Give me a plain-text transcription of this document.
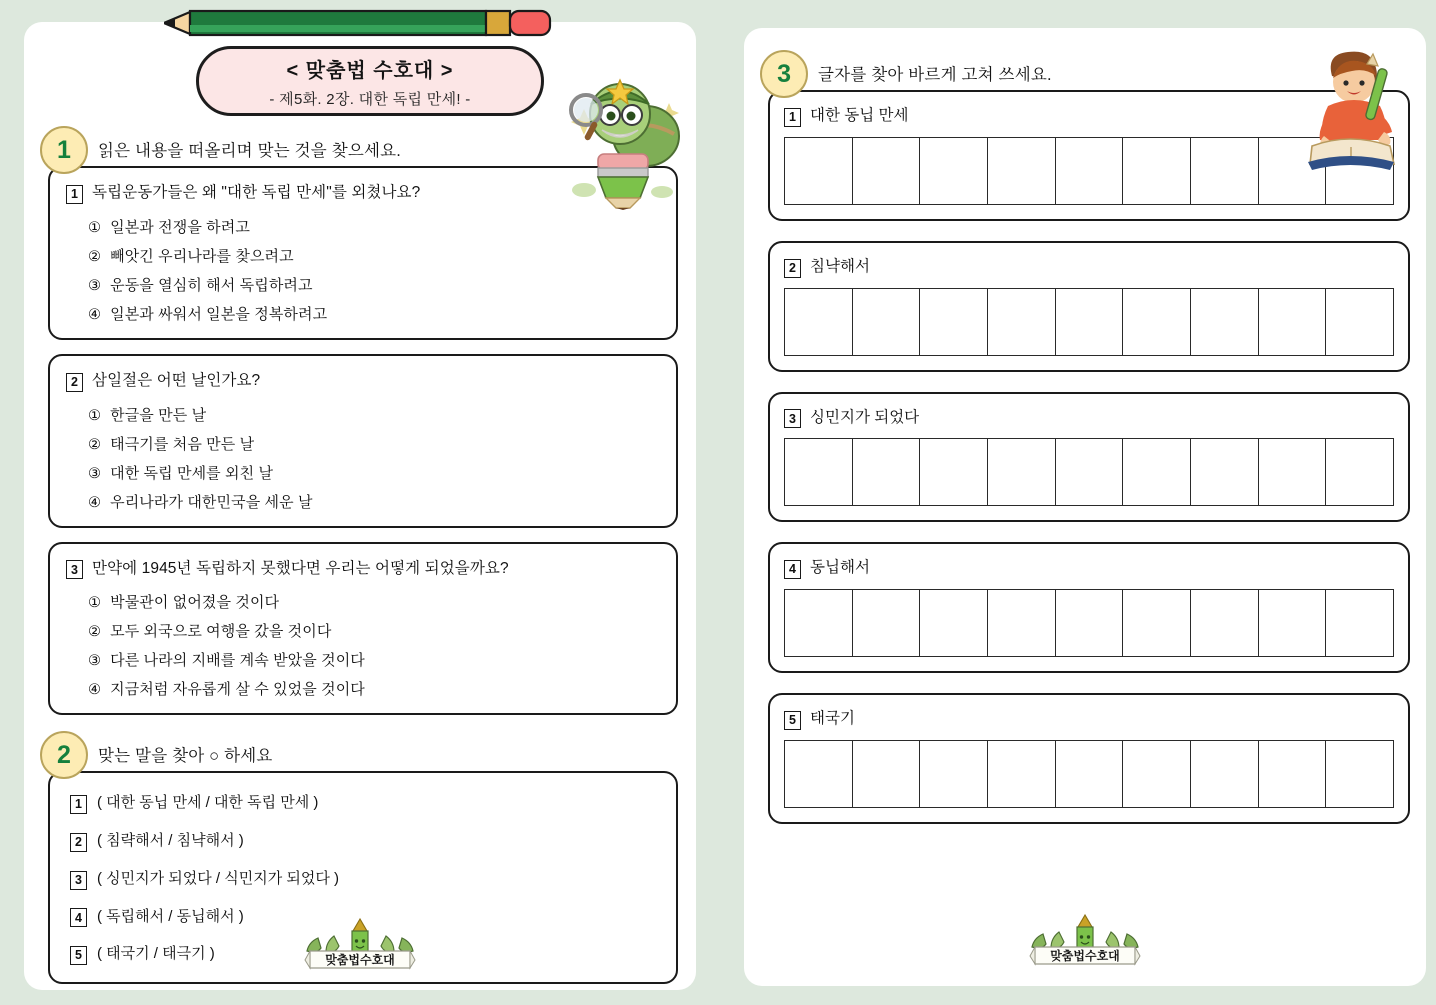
< 맞춤법 수호대 >
- 제5화. 2장. 대한 독립 만세! -
1	읽은 내용을 떠올리며 맞는 것을 찾으세요.
1 독립운동가들은 왜 "대한 독립 만세"를 외쳤나요?
① 일본과 전쟁을 하려고
② 빼앗긴 우리나라를 찾으려고
③ 운동을 열심히 해서 독립하려고
④ 일본과 싸워서 일본을 정복하려고
2 삼일절은 어떤 날인가요?
① 한글을 만든 날
② 태극기를 처음 만든 날
③ 대한 독립 만세를 외친 날
④ 우리나라가 대한민국을 세운 날
3 만약에 1945년 독립하지 못했다면 우리는 어떻게 되었을까요?
① 박물관이 없어졌을 것이다
② 모두 외국으로 여행을 갔을 것이다
③ 다른 나라의 지배를 계속 받았을 것이다
④ 지금처럼 자유롭게 살 수 있었을 것이다
2	맞는 말을 찾아 ○ 하세요
1	( 대한 동닙 만세 / 대한 독립 만세 )
2	( 침략해서 / 침냑해서 )
3	( 싱민지가 되었다 / 식민지가 되었다 )
4	( 독립해서 / 동닙해서 )
5	( 태국기 / 태극기 )	맞춤법수호대
3	글자를 찾아 바르게 고쳐 쓰세요.
1 대한 동닙 만세
2 침냑해서
3 싱민지가 되었다
4 동닙해서
5 태국기
맞춤법수호대
